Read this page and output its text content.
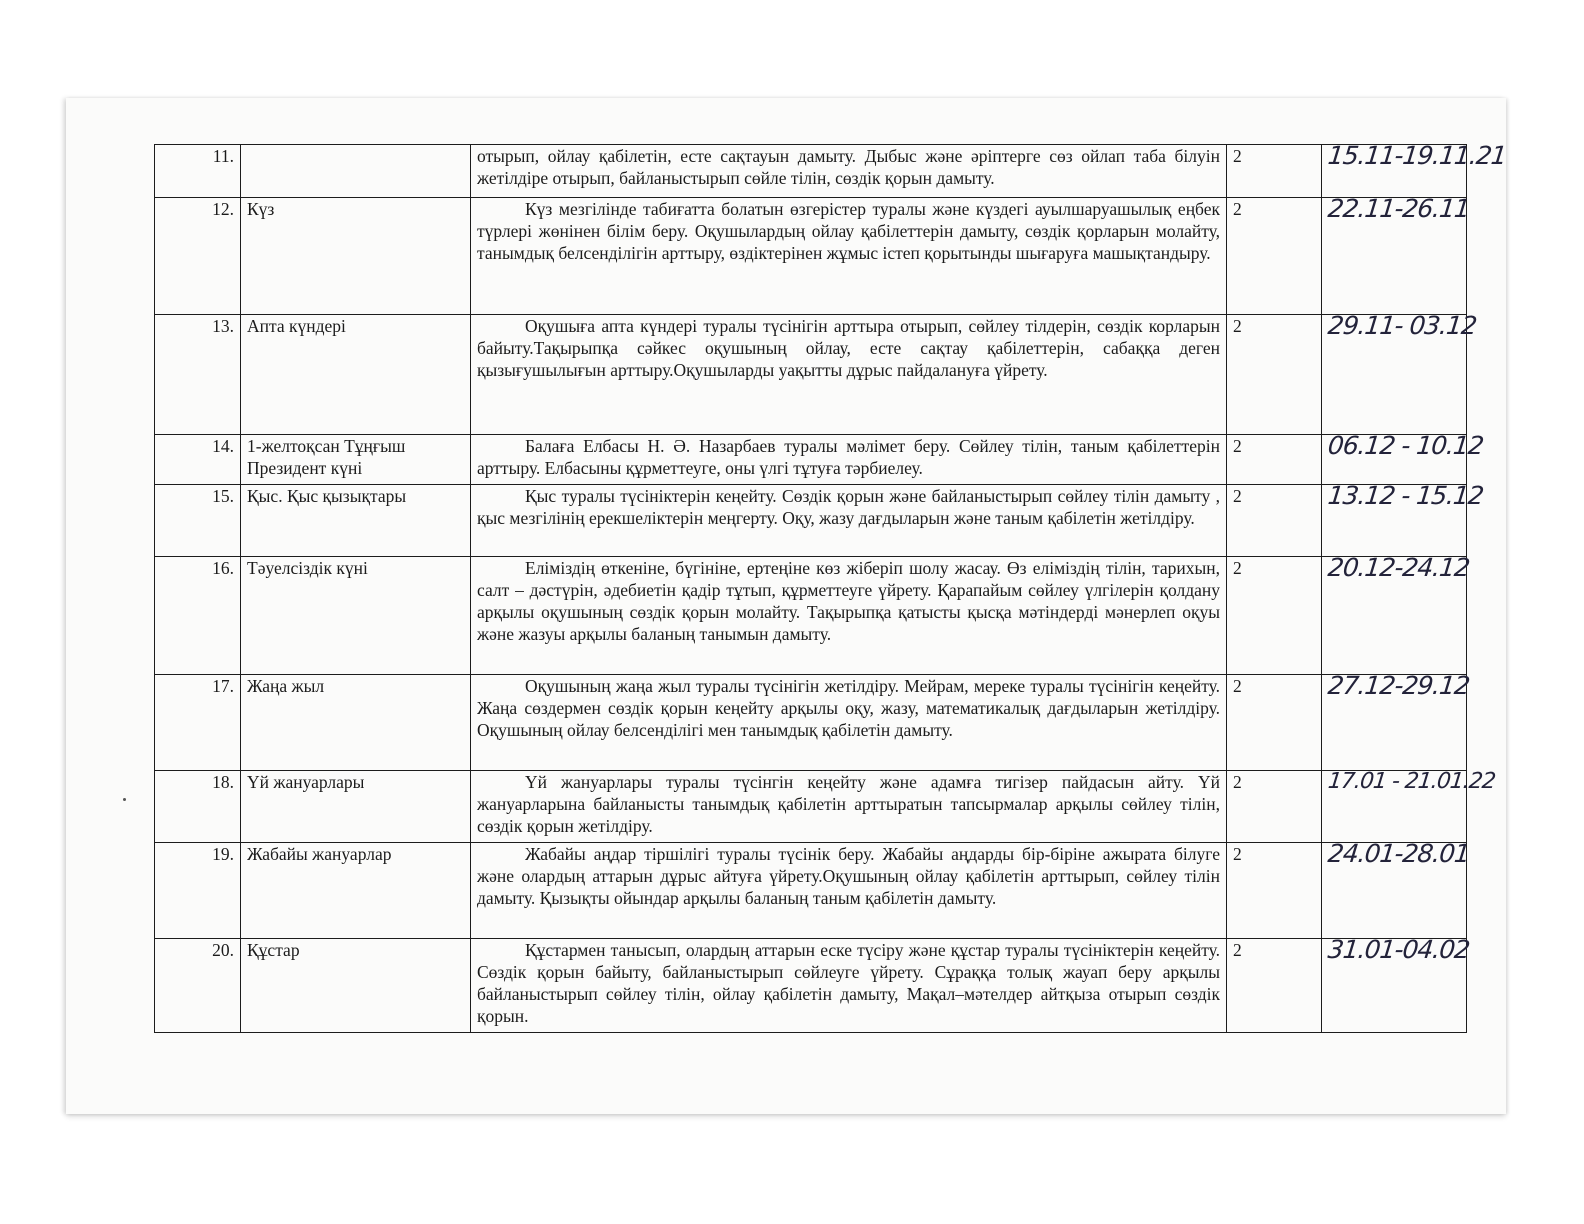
11.		отырып, ойлау қабілетін, есте сақтауын дамыту. Дыбыс және әріптерге сөз ойлап таба білуін жетілдіре отырып, байланыстырып сөйле тілін, сөздік қорын дамыту.	2	15.11-19.11.21
12.	Күз	Күз мезгілінде табиғатта болатын өзгерістер туралы және күздегі ауылшаруашылық еңбек түрлері жөнінен білім беру. Оқушылардың ойлау қабілеттерін дамыту, сөздік қорларын молайту, танымдық белсенділігін арттыру, өздіктерінен жұмыс істеп қорытынды шығаруға машықтандыру.	2	22.11-26.11
13.	Апта күндері	Оқушыға апта күндері туралы түсінігін арттыра отырып, сөйлеу тілдерін, сөздік корларын байыту.Тақырыпқа сәйкес оқушының ойлау, есте сақтау қабілеттерін, сабаққа деген қызығушылығын арттыру.Оқушыларды уақытты дұрыс пайдалануға үйрету.	2	29.11- 03.12
14.	1-желтоқсан Тұңғыш Президент күні	Балаға Елбасы Н. Ә. Назарбаев туралы мәлімет беру. Сөйлеу тілін, таным қабілеттерін арттыру. Елбасыны құрметтеуге, оны үлгі тұтуға тәрбиелеу.	2	06.12 - 10.12
15.	Қыс. Қыс қызықтары	Қыс туралы түсініктерін кеңейту. Сөздік қорын және байланыстырып сөйлеу тілін дамыту , қыс мезгілінің ерекшеліктерін меңгерту. Оқу, жазу дағдыларын және таным қабілетін жетілдіру.	2	13.12 - 15.12
16.	Тәуелсіздік күні	Еліміздің өткеніне, бүгініне, ертеңіне көз жіберіп шолу жасау. Өз еліміздің тілін, тарихын, салт – дәстүрін, әдебиетін қадір тұтып, құрметтеуге үйрету. Қарапайым сөйлеу үлгілерін қолдану арқылы оқушының сөздік қорын молайту. Тақырыпқа қатысты қысқа мәтіндерді мәнерлеп оқуы және жазуы арқылы баланың танымын дамыту.	2	20.12-24.12
17.	Жаңа жыл	Оқушының жаңа жыл туралы түсінігін жетілдіру. Мейрам, мереке туралы түсінігін кеңейту. Жаңа сөздермен сөздік қорын кеңейту арқылы оқу, жазу, математикалық дағдыларын жетілдіру. Оқушының ойлау белсенділігі мен танымдық қабілетін дамыту.	2	27.12-29.12
18.	Үй жануарлары	Үй жануарлары туралы түсінгін кеңейту және адамға тигізер пайдасын айту. Үй жануарларына байланысты танымдық қабілетін арттыратын тапсырмалар арқылы сөйлеу тілін, сөздік қорын жетілдіру.	2	17.01 - 21.01.22
19.	Жабайы жануарлар	Жабайы аңдар тіршілігі туралы түсінік беру. Жабайы аңдарды бір-біріне ажырата білуге және олардың аттарын дұрыс айтуға үйрету.Оқушының ойлау қабілетін арттырып, сөйлеу тілін дамыту. Қызықты ойындар арқылы баланың таным қабілетін дамыту.	2	24.01-28.01
20.	Құстар	Құстармен танысып, олардың аттарын еске түсіру және құстар туралы түсініктерін кеңейту. Сөздік қорын байыту, байланыстырып сөйлеуге үйрету. Сұраққа толық жауап беру арқылы байланыстырып сөйлеу тілін, ойлау қабілетін дамыту, Мақал–мәтелдер айтқыза отырып сөздік қорын.	2	31.01-04.02
